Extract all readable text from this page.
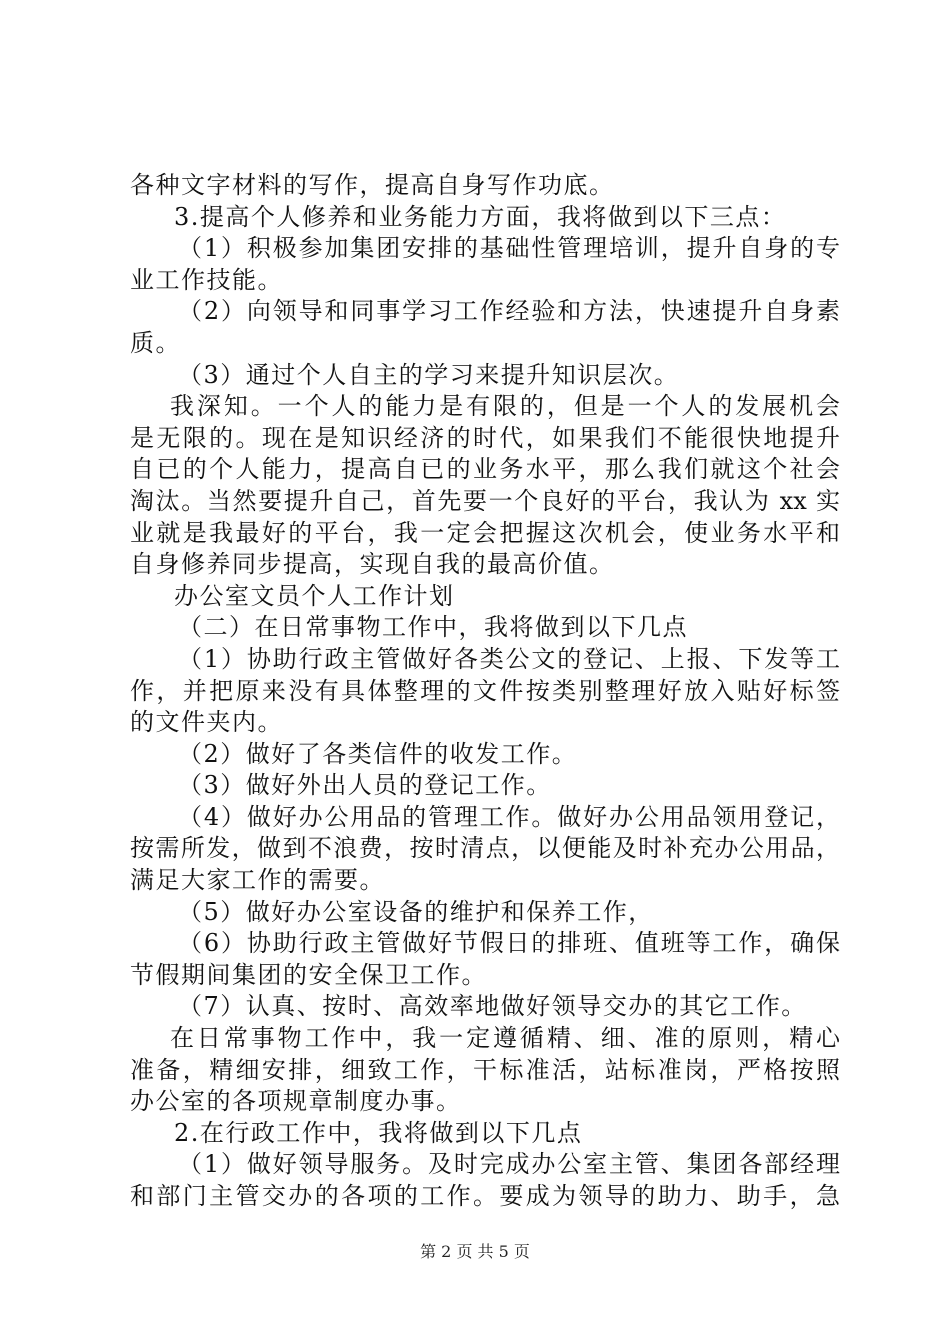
各种文字材料的写作，提高自身写作功底。
3.提高个人修养和业务能力方面，我将做到以下三点：
（1）积极参加集团安排的基础性管理培训，提升自身的专
业工作技能。
（2）向领导和同事学习工作经验和方法，快速提升自身素
质。
（3）通过个人自主的学习来提升知识层次。
我深知。一个人的能力是有限的，但是一个人的发展机会
是无限的。现在是知识经济的时代，如果我们不能很快地提升
自已的个人能力，提高自已的业务水平，那么我们就这个社会
淘汰。当然要提升自己，首先要一个良好的平台，我认为 xx 实
业就是我最好的平台，我一定会把握这次机会，使业务水平和
自身修养同步提高，实现自我的最高价值。
办公室文员个人工作计划
（二）在日常事物工作中，我将做到以下几点
（1）协助行政主管做好各类公文的登记、上报、下发等工
作，并把原来没有具体整理的文件按类别整理好放入贴好标签
的文件夹内。
（2）做好了各类信件的收发工作。
（3）做好外出人员的登记工作。
（4）做好办公用品的管理工作。做好办公用品领用登记，
按需所发，做到不浪费，按时清点，以便能及时补充办公用品，
满足大家工作的需要。
（5）做好办公室设备的维护和保养工作，
（6）协助行政主管做好节假日的排班、值班等工作，确保
节假期间集团的安全保卫工作。
（7）认真、按时、高效率地做好领导交办的其它工作。
在日常事物工作中，我一定遵循精、细、准的原则，精心
准备，精细安排，细致工作，干标准活，站标准岗，严格按照
办公室的各项规章制度办事。
2.在行政工作中，我将做到以下几点
（1）做好领导服务。及时完成办公室主管、集团各部经理
和部门主管交办的各项的工作。要成为领导的助力、助手，急
第 2 页 共 5 页
